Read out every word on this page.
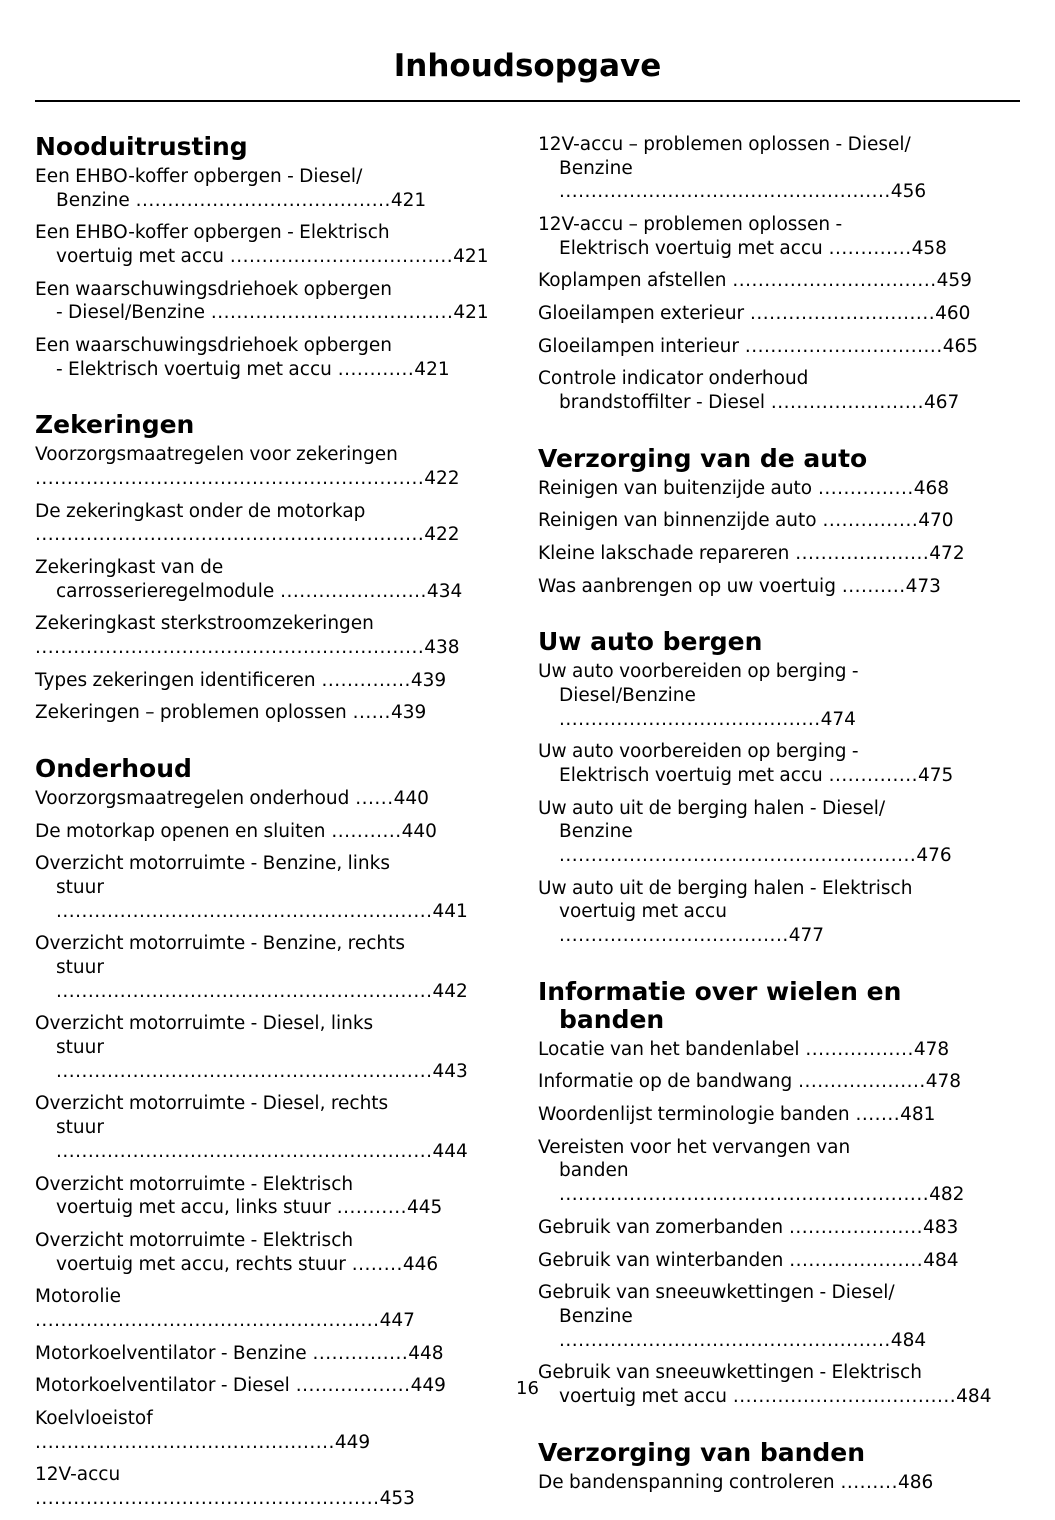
Inhoudsopgave
Nooduitrusting
Een EHBO-koffer opbergen - Diesel/
Benzine ........................................421
Een EHBO-koffer opbergen - Elektrisch
voertuig met accu ...................................421
Een waarschuwingsdriehoek opbergen
- Diesel/Benzine ......................................421
Een waarschuwingsdriehoek opbergen
- Elektrisch voertuig met accu ............421
Zekeringen
Voorzorgsmaatregelen voor zekeringen .............................................................422
De zekeringkast onder de motorkap .............................................................422
Zekeringkast van de
carrosserieregelmodule .......................434
Zekeringkast sterkstroomzekeringen .............................................................438
Types zekeringen identificeren ..............439
Zekeringen – problemen oplossen ......439
Onderhoud
Voorzorgsmaatregelen onderhoud ......440
De motorkap openen en sluiten ...........440
Overzicht motorruimte - Benzine, links
stuur ...........................................................441
Overzicht motorruimte - Benzine, rechts
stuur ...........................................................442
Overzicht motorruimte - Diesel, links
stuur ...........................................................443
Overzicht motorruimte - Diesel, rechts
stuur ...........................................................444
Overzicht motorruimte - Elektrisch
voertuig met accu, links stuur ...........445
Overzicht motorruimte - Elektrisch
voertuig met accu, rechts stuur ........446
Motorolie ......................................................447
Motorkoelventilator - Benzine ...............448
Motorkoelventilator - Diesel ..................449
Koelvloeistof ...............................................449
12V-accu ......................................................453
12V-accu – problemen oplossen - Diesel/
Benzine ....................................................456
12V-accu – problemen oplossen -
Elektrisch voertuig met accu .............458
Koplampen afstellen ................................459
Gloeilampen exterieur .............................460
Gloeilampen interieur ...............................465
Controle indicator onderhoud
brandstoffilter - Diesel ........................467
Verzorging van de auto
Reinigen van buitenzijde auto ...............468
Reinigen van binnenzijde auto ...............470
Kleine lakschade repareren .....................472
Was aanbrengen op uw voertuig ..........473
Uw auto bergen
Uw auto voorbereiden op berging -
Diesel/Benzine .........................................474
Uw auto voorbereiden op berging -
Elektrisch voertuig met accu ..............475
Uw auto uit de berging halen - Diesel/
Benzine ........................................................476
Uw auto uit de berging halen - Elektrisch
voertuig met accu ....................................477
Informatie over wielen en
banden
Locatie van het bandenlabel .................478
Informatie op de bandwang ....................478
Woordenlijst terminologie banden .......481
Vereisten voor het vervangen van
banden ..........................................................482
Gebruik van zomerbanden .....................483
Gebruik van winterbanden .....................484
Gebruik van sneeuwkettingen - Diesel/
Benzine ....................................................484
Gebruik van sneeuwkettingen - Elektrisch
voertuig met accu ...................................484
Verzorging van banden
De bandenspanning controleren .........486
16
